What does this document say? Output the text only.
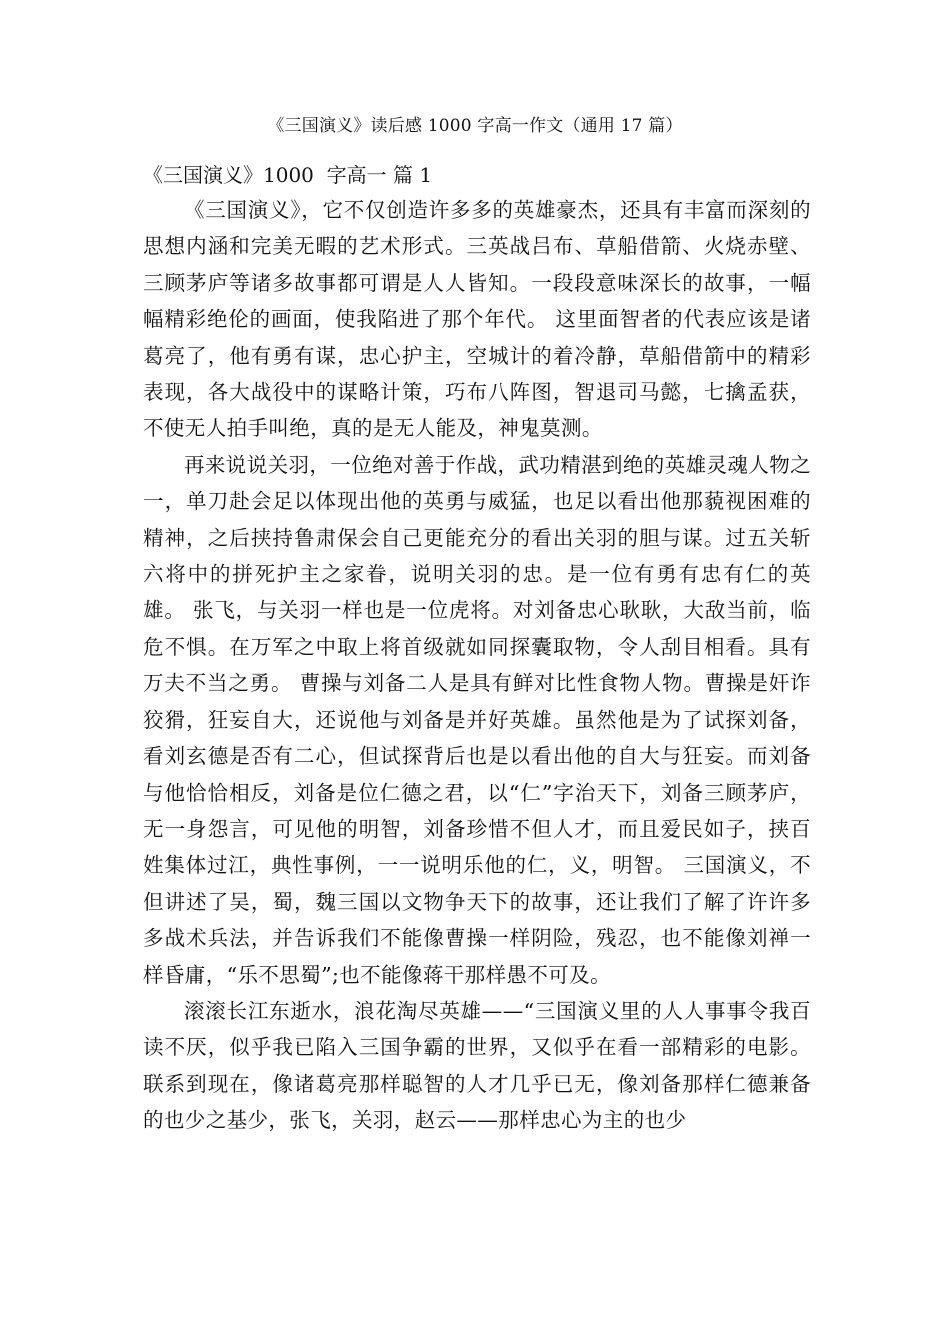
《三国演义》读后感 1000 字高一作文（通用 17 篇）
《三国演义》1000  字高一 篇 1

《三国演义》，它不仅创造许多多的英雄豪杰，还具有丰富而深刻的思想内涵和完美无暇的艺术形式。三英战吕布、草船借箭、火烧赤壁、三顾茅庐等诸多故事都可谓是人人皆知。一段段意味深长的故事，一幅幅精彩绝伦的画面，使我陷进了那个年代。 这里面智者的代表应该是诸葛亮了，他有勇有谋，忠心护主，空城计的着冷静，草船借箭中的精彩表现，各大战役中的谋略计策，巧布八阵图，智退司马懿，七擒孟获，不使无人拍手叫绝，真的是无人能及，神鬼莫测。

再来说说关羽，一位绝对善于作战，武功精湛到绝的英雄灵魂人物之一，单刀赴会足以体现出他的英勇与威猛，也足以看出他那藐视困难的精神，之后挟持鲁肃保会自己更能充分的看出关羽的胆与谋。过五关斩六将中的拼死护主之家眷，说明关羽的忠。是一位有勇有忠有仁的英雄。 张飞，与关羽一样也是一位虎将。对刘备忠心耿耿，大敌当前，临危不惧。在万军之中取上将首级就如同探囊取物，令人刮目相看。具有万夫不当之勇。 曹操与刘备二人是具有鲜对比性食物人物。曹操是奸诈狡猾，狂妄自大，还说他与刘备是并好英雄。虽然他是为了试探刘备，看刘玄德是否有二心，但试探背后也是以看出他的自大与狂妄。而刘备与他恰恰相反，刘备是位仁德之君，以“仁”字治天下，刘备三顾茅庐，无一身怨言，可见他的明智，刘备珍惜不但人才，而且爱民如子，挟百姓集体过江，典性事例，一一说明乐他的仁，义，明智。 三国演义，不但讲述了吴，蜀，魏三国以文物争天下的故事，还让我们了解了许许多多战术兵法，并告诉我们不能像曹操一样阴险，残忍，也不能像刘禅一样昏庸，“乐不思蜀”;也不能像蒋干那样愚不可及。

滚滚长江东逝水，浪花淘尽英雄——“三国演义里的人人事事令我百读不厌，似乎我已陷入三国争霸的世界，又似乎在看一部精彩的电影。 联系到现在，像诸葛亮那样聪智的人才几乎已无，像刘备那样仁德兼备的也少之基少，张飞，关羽，赵云——那样忠心为主的也少
